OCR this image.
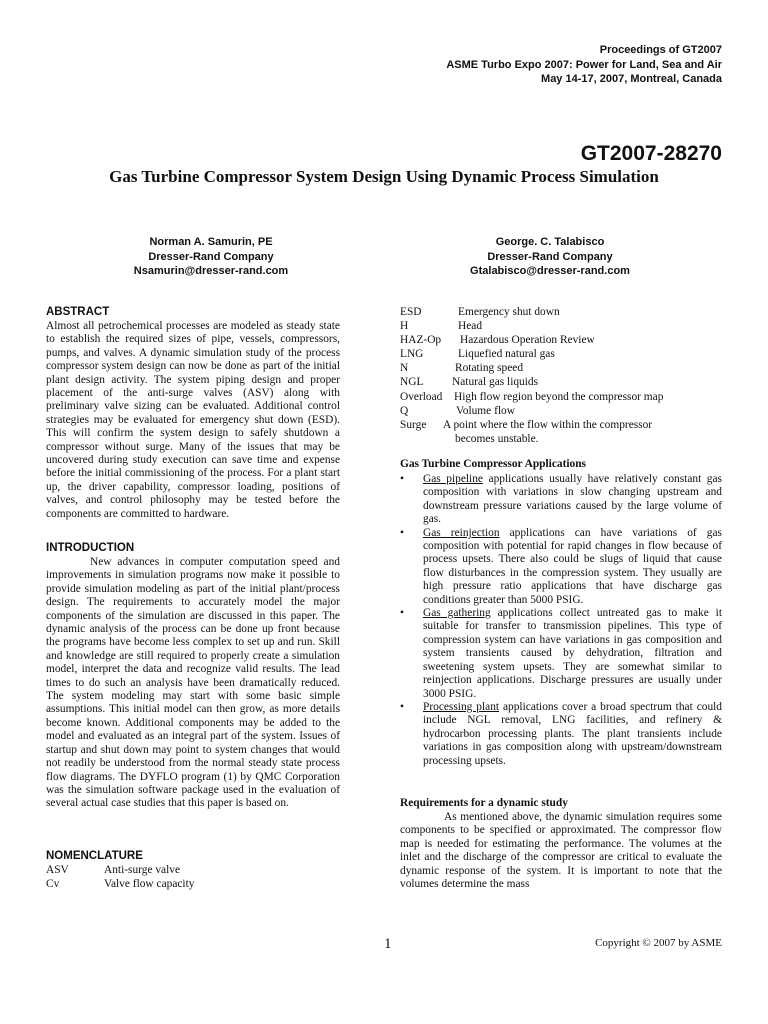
Proceedings of GT2007
ASME Turbo Expo 2007: Power for Land, Sea and Air
May 14-17, 2007, Montreal, Canada
GT2007-28270
Gas Turbine Compressor System Design Using Dynamic Process Simulation
Norman A. Samurin, PE
Dresser-Rand Company
Nsamurin@dresser-rand.com
George. C. Talabisco
Dresser-Rand Company
Gtalabisco@dresser-rand.com
ABSTRACT
Almost all petrochemical processes are modeled as steady state to establish the required sizes of pipe, vessels, compressors, pumps, and valves. A dynamic simulation study of the process compressor system design can now be done as part of the initial plant design activity. The system piping design and proper placement of the anti-surge valves (ASV) along with preliminary valve sizing can be evaluated. Additional control strategies may be evaluated for emergency shut down (ESD). This will confirm the system design to safely shutdown a compressor without surge. Many of the issues that may be uncovered during study execution can save time and expense before the initial commissioning of the process. For a plant start up, the driver capability, compressor loading, positions of valves, and control philosophy may be tested before the components are committed to hardware.
INTRODUCTION
New advances in computer computation speed and improvements in simulation programs now make it possible to provide simulation modeling as part of the initial plant/process design. The requirements to accurately model the major components of the simulation are discussed in this paper. The dynamic analysis of the process can be done up front because the programs have become less complex to set up and run. Skill and knowledge are still required to properly create a simulation model, interpret the data and recognize valid results. The lead times to do such an analysis have been dramatically reduced. The system modeling may start with some basic simple assumptions. This initial model can then grow, as more details become known. Additional components may be added to the model and evaluated as an integral part of the system. Issues of startup and shut down may point to system changes that would not readily be understood from the normal steady state process flow diagrams. The DYFLO program (1) by QMC Corporation was the simulation software package used in the evaluation of several actual case studies that this paper is based on.
NOMENCLATURE
ASV	Anti-surge valve
Cv	Valve flow capacity
ESD	Emergency shut down
H	Head
HAZ-Op	Hazardous Operation Review
LNG	Liquefied natural gas
N	Rotating speed
NGL	Natural gas liquids
Overload	High flow region beyond the compressor map
Q	Volume flow
Surge	A point where the flow within the compressor
becomes unstable.
Gas Turbine Compressor Applications
• Gas pipeline applications usually have relatively constant gas composition with variations in slow changing upstream and downstream pressure variations caused by the large volume of gas.
• Gas reinjection applications can have variations of gas composition with potential for rapid changes in flow because of process upsets. There also could be slugs of liquid that cause flow disturbances in the compression system. They usually are high pressure ratio applications that have discharge gas conditions greater than 5000 PSIG.
• Gas gathering applications collect untreated gas to make it suitable for transfer to transmission pipelines. This type of compression system can have variations in gas composition and system transients caused by dehydration, filtration and sweetening system upsets. They are somewhat similar to reinjection applications. Discharge pressures are usually under 3000 PSIG.
• Processing plant applications cover a broad spectrum that could include NGL removal, LNG facilities, and refinery & hydrocarbon processing plants. The plant transients include variations in gas composition along with upstream/downstream processing upsets.
Requirements for a dynamic study
As mentioned above, the dynamic simulation requires some components to be specified or approximated. The compressor flow map is needed for estimating the performance. The volumes at the inlet and the discharge of the compressor are critical to evaluate the dynamic response of the system. It is important to note that the volumes determine the mass
1	Copyright © 2007 by ASME
